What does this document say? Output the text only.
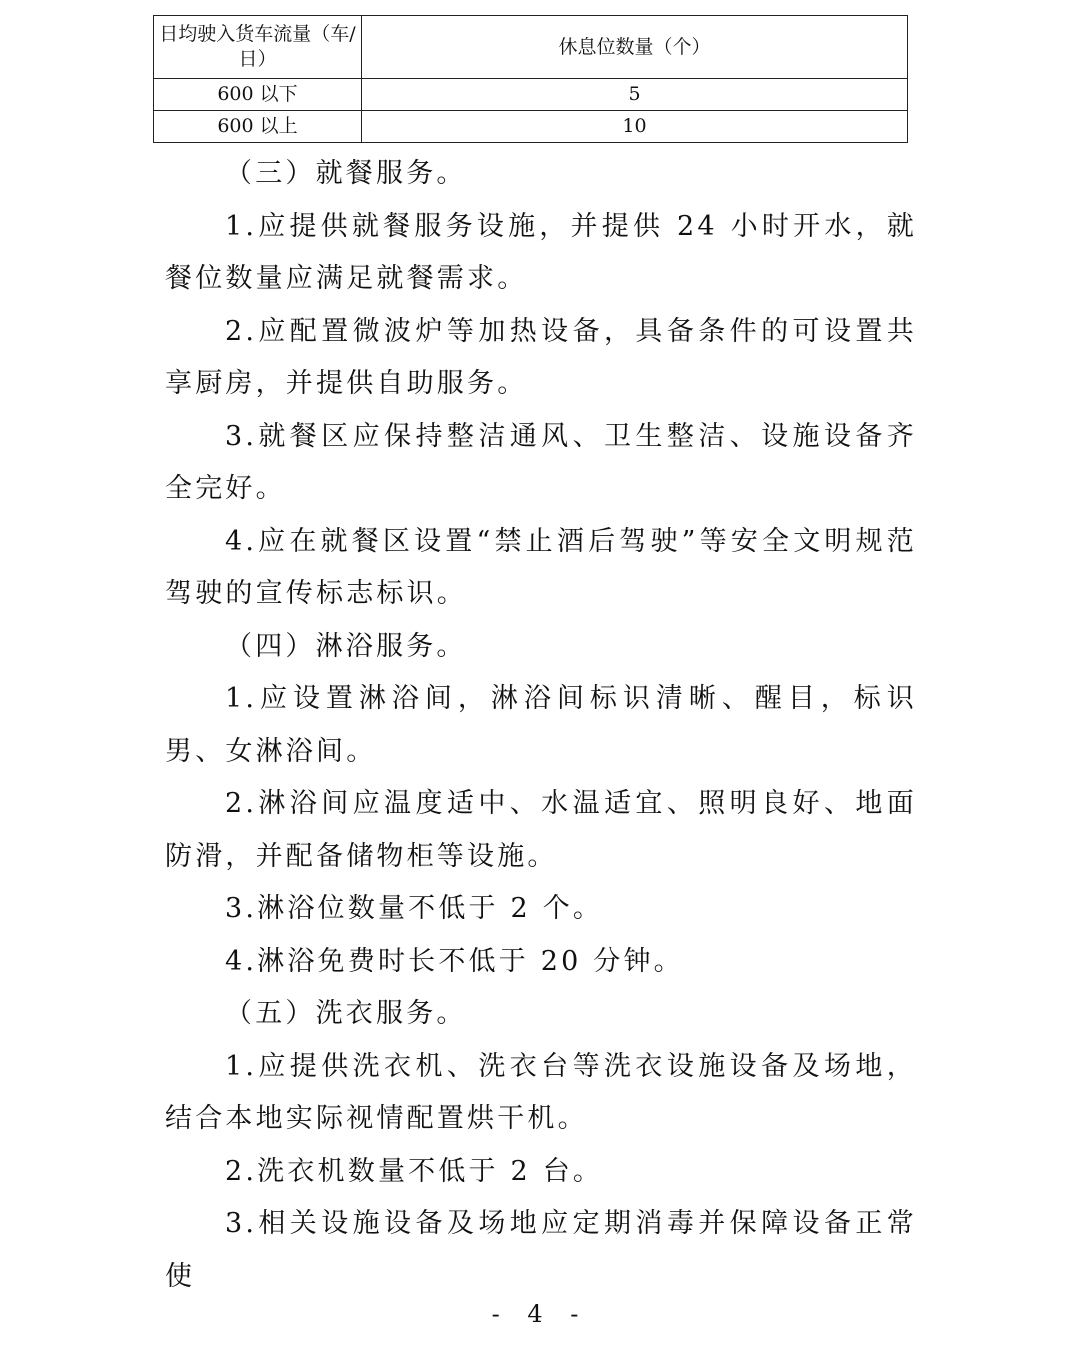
日均驶入货车流量（车/日）	休息位数量（个）
600 以下	5
600 以上	10

（三）就餐服务。

1.应提供就餐服务设施，并提供 24 小时开水，就餐位数量应满足就餐需求。

2.应配置微波炉等加热设备，具备条件的可设置共享厨房，并提供自助服务。

3.就餐区应保持整洁通风、卫生整洁、设施设备齐全完好。

4.应在就餐区设置“禁止酒后驾驶”等安全文明规范驾驶的宣传标志标识。

（四）淋浴服务。

1.应设置淋浴间，淋浴间标识清晰、醒目，标识男、女淋浴间。

2.淋浴间应温度适中、水温适宜、照明良好、地面防滑，并配备储物柜等设施。

3.淋浴位数量不低于 2 个。

4.淋浴免费时长不低于 20 分钟。

（五）洗衣服务。

1.应提供洗衣机、洗衣台等洗衣设施设备及场地，结合本地实际视情配置烘干机。

2.洗衣机数量不低于 2 台。

3.相关设施设备及场地应定期消毒并保障设备正常使

- 4 -
